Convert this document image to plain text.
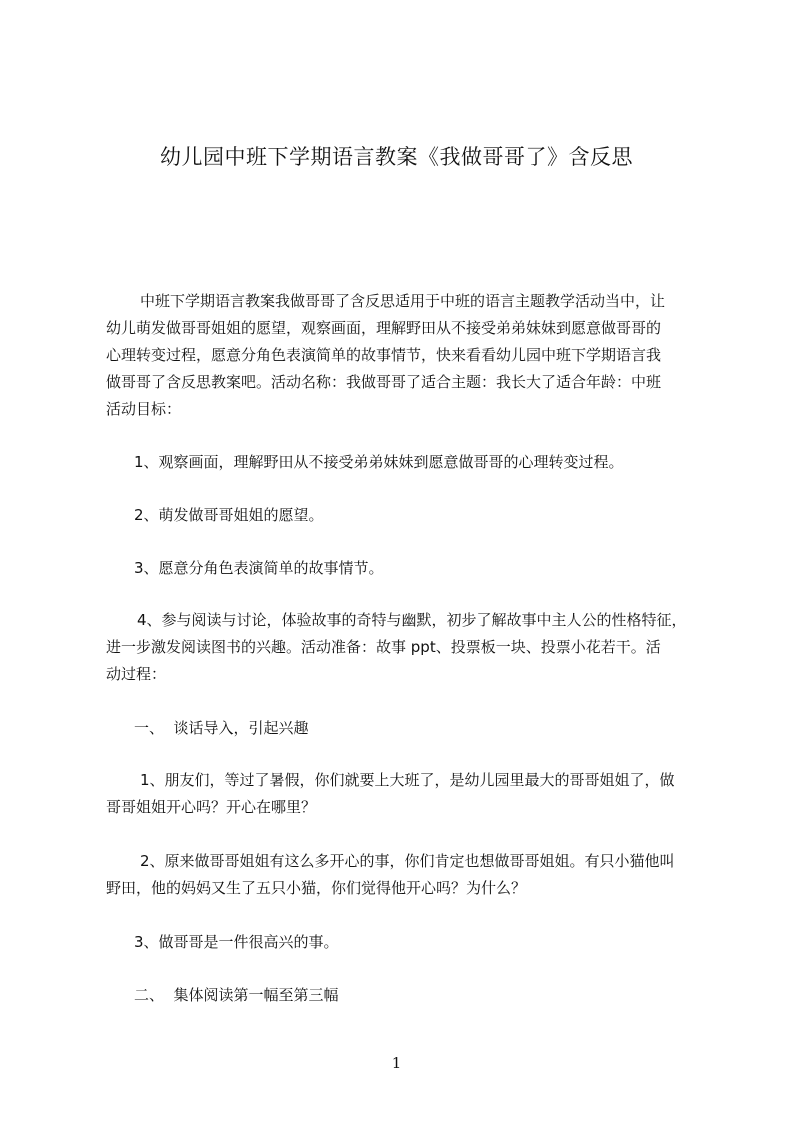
幼儿园中班下学期语言教案《我做哥哥了》含反思
中班下学期语言教案我做哥哥了含反思适用于中班的语言主题教学活动当中，让
幼儿萌发做哥哥姐姐的愿望，观察画面，理解野田从不接受弟弟妹妹到愿意做哥哥的
心理转变过程，愿意分角色表演简单的故事情节，快来看看幼儿园中班下学期语言我
做哥哥了含反思教案吧。活动名称：我做哥哥了适合主题：我长大了适合年龄：中班
活动目标：
1、观察画面，理解野田从不接受弟弟妹妹到愿意做哥哥的心理转变过程。
2、萌发做哥哥姐姐的愿望。
3、愿意分角色表演简单的故事情节。
4、参与阅读与讨论，体验故事的奇特与幽默，初步了解故事中主人公的性格特征，
进一步激发阅读图书的兴趣。活动准备：故事 ppt、投票板一块、投票小花若干。活
动过程：
一、  谈话导入，引起兴趣
1、朋友们，等过了暑假，你们就要上大班了，是幼儿园里最大的哥哥姐姐了，做
哥哥姐姐开心吗？开心在哪里？
2、原来做哥哥姐姐有这么多开心的事，你们肯定也想做哥哥姐姐。有只小猫他叫
野田，他的妈妈又生了五只小猫，你们觉得他开心吗？为什么？
3、做哥哥是一件很高兴的事。
二、  集体阅读第一幅至第三幅
1
